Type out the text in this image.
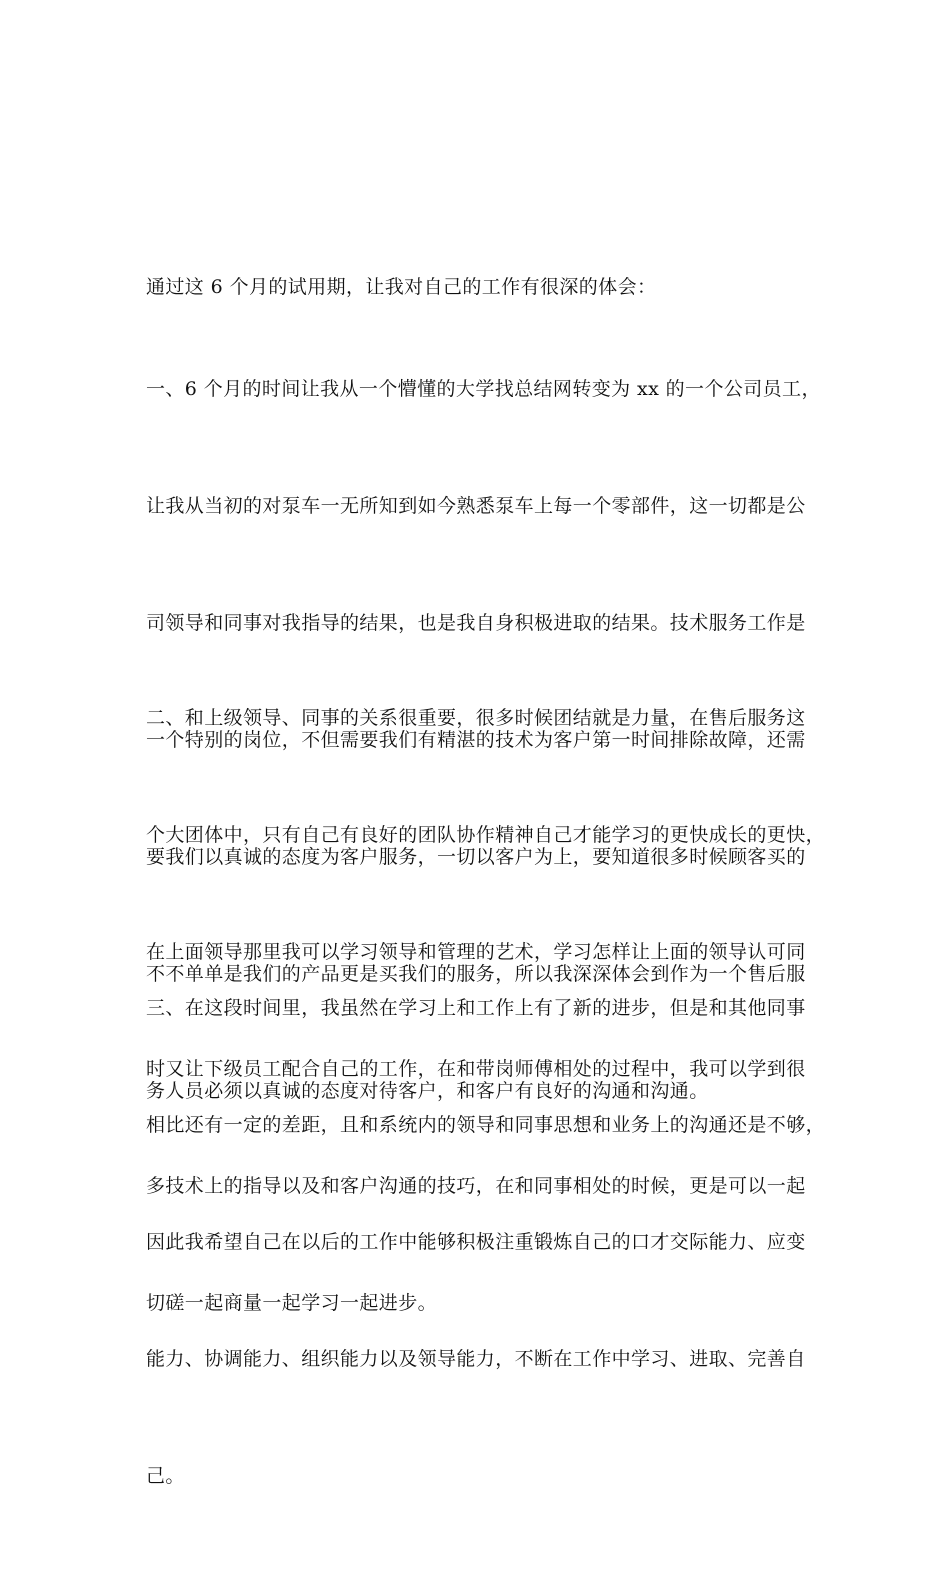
通过这 6 个月的试用期，让我对自己的工作有很深的体会：

一、6 个月的时间让我从一个懵懂的大学找总结网转变为 xx 的一个公司员工，

让我从当初的对泵车一无所知到如今熟悉泵车上每一个零部件，这一切都是公

司领导和同事对我指导的结果，也是我自身积极进取的结果。技术服务工作是

一个特别的岗位，不但需要我们有精湛的技术为客户第一时间排除故障，还需

要我们以真诚的态度为客户服务，一切以客户为上，要知道很多时候顾客买的

不不单单是我们的产品更是买我们的服务，所以我深深体会到作为一个售后服

务人员必须以真诚的态度对待客户，和客户有良好的沟通和沟通。

二、和上级领导、同事的关系很重要，很多时候团结就是力量，在售后服务这

个大团体中，只有自己有良好的团队协作精神自己才能学习的更快成长的更快，

在上面领导那里我可以学习领导和管理的艺术，学习怎样让上面的领导认可同

时又让下级员工配合自己的工作，在和带岗师傅相处的过程中，我可以学到很

多技术上的指导以及和客户沟通的技巧，在和同事相处的时候，更是可以一起

切磋一起商量一起学习一起进步。

三、在这段时间里，我虽然在学习上和工作上有了新的进步，但是和其他同事

相比还有一定的差距，且和系统内的领导和同事思想和业务上的沟通还是不够，

因此我希望自己在以后的工作中能够积极注重锻炼自己的口才交际能力、应变

能力、协调能力、组织能力以及领导能力，不断在工作中学习、进取、完善自

己。
